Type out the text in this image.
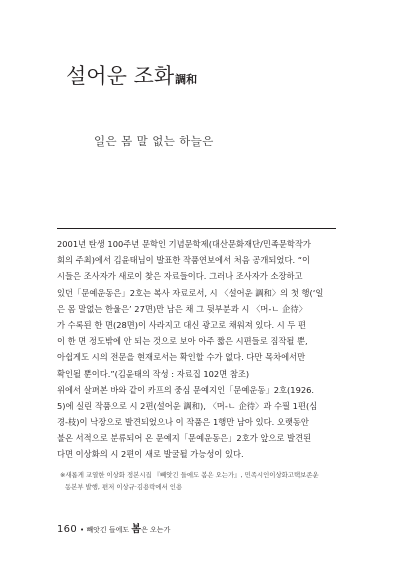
설어운 조화調和
일은 몸 말 없는 하늘은
2001년 탄생 100주년 문학인 기념문학제(대산문화재단/민족문학작가
회의 주최)에서 김윤태님이 발표한 작품연보에서 처음 공개되었다. “이
시들은 조사자가 새로이 찾은 자료들이다. 그러나 조사자가 소장하고
있던「문예운동은」2호는 복사 자료로서, 시 〈설어운 調和〉의 첫 행(‘일
은 몸 말없는 한울은’ 27면)만 남은 채 그 뒷부분과 시 〈머-ㄴ 企待〉
가 수록된 한 면(28면)이 사라지고 대신 광고로 채워져 있다. 시 두 편
이 한 면 정도밖에 안 되는 것으로 보아 아주 짧은 시편들로 짐작될 뿐,
아쉽게도 시의 전문을 현재로서는 확인할 수가 없다. 다만 목차에서만
확인될 뿐이다.”(김윤태의 작성 : 자료집 102면 참조)
위에서 살펴본 바와 같이 카프의 중심 문예지인「문예운동」2호(1926.
5)에 실린 작품으로 시 2편(설어운 調和), 〈머-ㄴ 企待〉과 수필 1편(심
경-枝)이 낙장으로 발견되었으나 이 작품은 1행만 남아 있다. 오랫동안
불온 서적으로 분류되어 온 문예지「문예운동은」2호가 앞으로 발견된
다면 이상화의 시 2편이 새로 발굴될 가능성이 있다.
※새롭게 교열한 이상화 정본시집 『빼앗긴 들에도 봄은 오는가』, 민족시인이상화고택보존운
동본부 발행, 편저 이상규·김용락에서 인용
160 • 빼앗긴 들에도 봄은 오는가
